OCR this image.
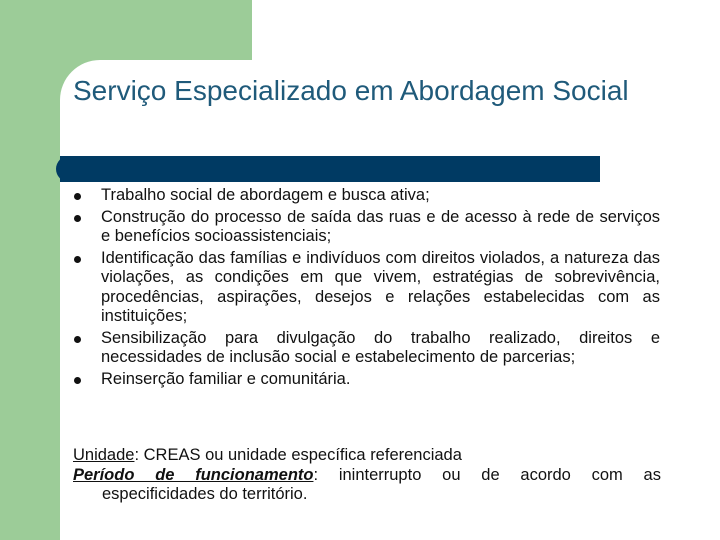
Serviço Especializado em Abordagem Social
Trabalho social de abordagem e busca ativa;
Construção do processo de saída das ruas e de acesso à rede de serviços e benefícios socioassistenciais;
Identificação das famílias e indivíduos com direitos violados, a natureza das violações, as condições em que vivem, estratégias de sobrevivência, procedências, aspirações, desejos e relações estabelecidas com as instituições;
Sensibilização para divulgação do trabalho realizado, direitos e necessidades de inclusão social e estabelecimento de parcerias;
Reinserção familiar e comunitária.

Unidade: CREAS ou unidade específica referenciada

Período de funcionamento: ininterrupto ou de acordo com as

especificidades do território.
